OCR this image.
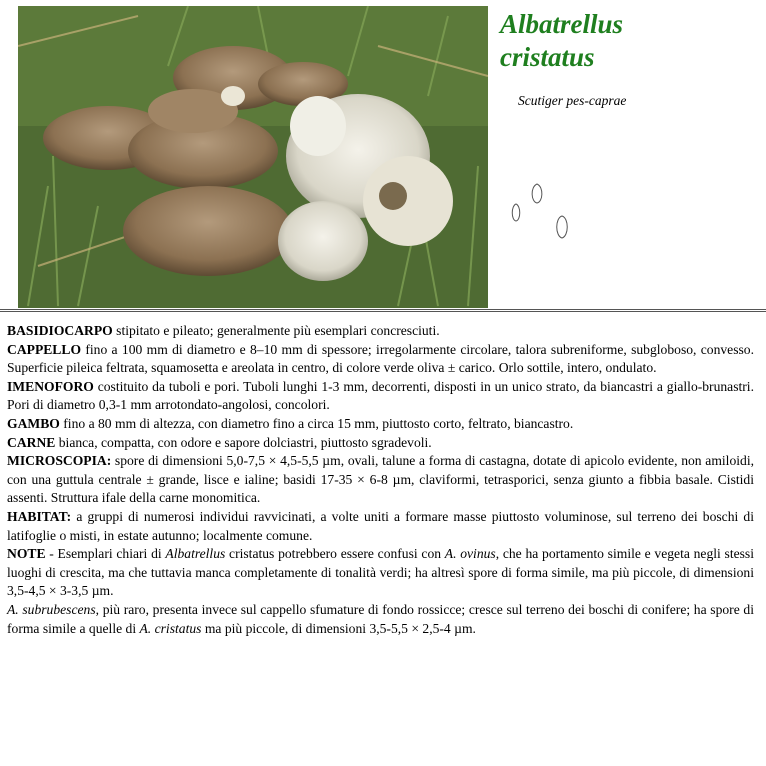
Albatrellus
cristatus
Scutiger pes-caprae

BASIDIOCARPO stipitato e pileato; generalmente più esemplari concresciuti.

CAPPELLO fino a 100 mm di diametro e 8–10 mm di spessore; irregolarmente circolare, talora subreniforme, subgloboso, convesso. Superficie pileica feltrata, squamosetta e areolata in centro, di colore verde oliva ± carico. Orlo sottile, intero, ondulato.

IMENOFORO costituito da tuboli e pori. Tuboli lunghi 1-3 mm, decorrenti, disposti in un unico strato, da biancastri a giallo-brunastri. Pori di diametro 0,3-1 mm arrotondato-angolosi, concolori.

GAMBO fino a 80 mm di altezza, con diametro fino a circa 15 mm, piuttosto corto, feltrato, biancastro.

CARNE bianca, compatta, con odore e sapore dolciastri, piuttosto sgradevoli.

MICROSCOPIA: spore di dimensioni 5,0-7,5 × 4,5-5,5 µm, ovali, talune a forma di castagna, dotate di apicolo evidente, non amiloidi, con una guttula centrale ± grande, lisce e ialine; basidi 17-35 × 6-8 µm, claviformi, tetrasporici, senza giunto a fibbia basale. Cistidi assenti. Struttura ifale della carne monomitica.

HABITAT: a gruppi di numerosi individui ravvicinati, a volte uniti a formare masse piuttosto voluminose, sul terreno dei boschi di latifoglie o misti, in estate autunno; localmente comune.

NOTE - Esemplari chiari di Albatrellus cristatus potrebbero essere confusi con A. ovinus, che ha portamento simile e vegeta negli stessi luoghi di crescita, ma che tuttavia manca completamente di tonalità verdi; ha altresì spore di forma simile, ma più piccole, di dimensioni 3,5-4,5 × 3-3,5 µm.

A. subrubescens, più raro, presenta invece sul cappello sfumature di fondo rossicce; cresce sul terreno dei boschi di conifere; ha spore di forma simile a quelle di A. cristatus ma più piccole, di dimensioni 3,5-5,5 × 2,5-4 µm.
